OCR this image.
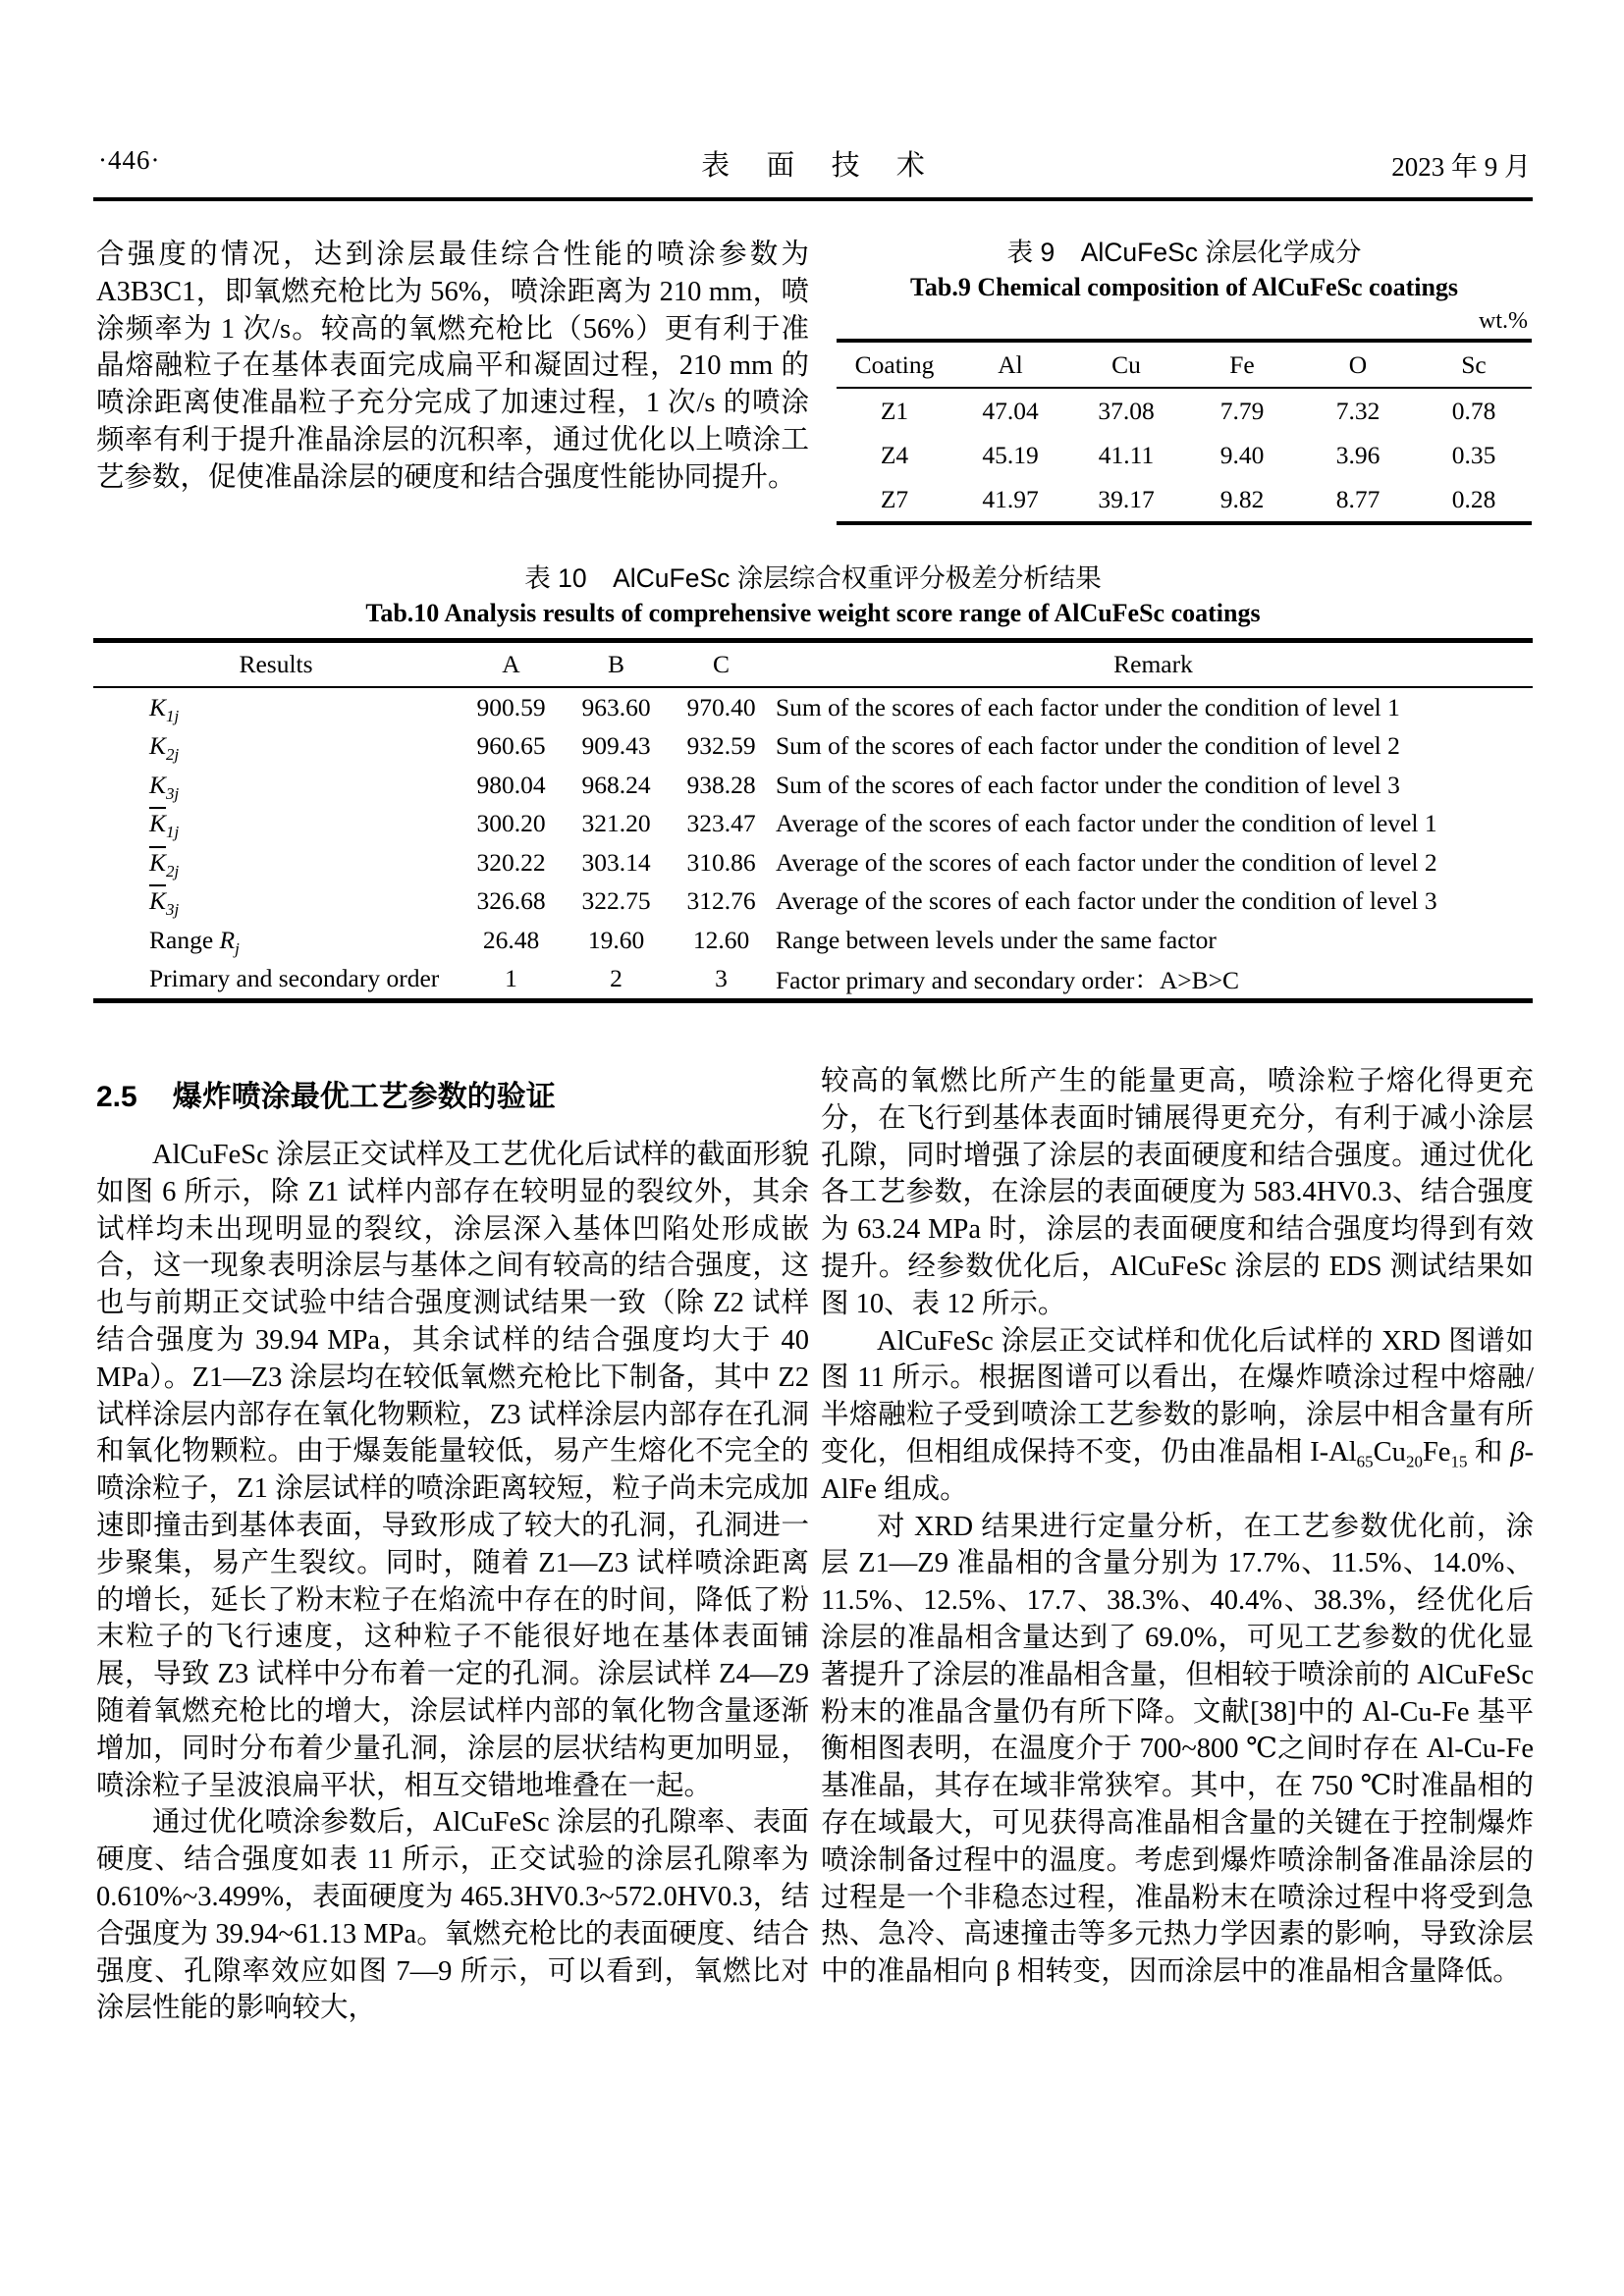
·446·	表 面 技 术	2023 年 9 月

合强度的情况，达到涂层最佳综合性能的喷涂参数为 A3B3C1，即氧燃充枪比为 56%，喷涂距离为 210 mm，喷涂频率为 1 次/s。较高的氧燃充枪比（56%）更有利于准晶熔融粒子在基体表面完成扁平和凝固过程，210 mm 的喷涂距离使准晶粒子充分完成了加速过程，1 次/s 的喷涂频率有利于提升准晶涂层的沉积率，通过优化以上喷涂工艺参数，促使准晶涂层的硬度和结合强度性能协同提升。

表 9　AlCuFeSc 涂层化学成分
Tab.9 Chemical composition of AlCuFeSc coatings
wt.%
Coating	Al	Cu	Fe	O	Sc
Z1	47.04	37.08	7.79	7.32	0.78
Z4	45.19	41.11	9.40	3.96	0.35
Z7	41.97	39.17	9.82	8.77	0.28
表 10　AlCuFeSc 涂层综合权重评分极差分析结果
Tab.10 Analysis results of comprehensive weight score range of AlCuFeSc coatings
Results	A	B	C	Remark
$K_{1j}$	900.59	963.60	970.40	Sum of the scores of each factor under the condition of level 1
$K_{2j}$	960.65	909.43	932.59	Sum of the scores of each factor under the condition of level 2
$K_{3j}$	980.04	968.24	938.28	Sum of the scores of each factor under the condition of level 3
$\overline{K}_{1j}$	300.20	321.20	323.47	Average of the scores of each factor under the condition of level 1
$\overline{K}_{2j}$	320.22	303.14	310.86	Average of the scores of each factor under the condition of level 2
$\overline{K}_{3j}$	326.68	322.75	312.76	Average of the scores of each factor under the condition of level 3
Range $R_j$	26.48	19.60	12.60	Range between levels under the same factor
Primary and secondary order	1	2	3	Factor primary and secondary order：A>B>C
2.5 爆炸喷涂最优工艺参数的验证

AlCuFeSc 涂层正交试样及工艺优化后试样的截面形貌如图 6 所示，除 Z1 试样内部存在较明显的裂纹外，其余试样均未出现明显的裂纹，涂层深入基体凹陷处形成嵌合，这一现象表明涂层与基体之间有较高的结合强度，这也与前期正交试验中结合强度测试结果一致（除 Z2 试样结合强度为 39.94 MPa，其余试样的结合强度均大于 40 MPa）。Z1—Z3 涂层均在较低氧燃充枪比下制备，其中 Z2 试样涂层内部存在氧化物颗粒，Z3 试样涂层内部存在孔洞和氧化物颗粒。由于爆轰能量较低，易产生熔化不完全的喷涂粒子，Z1 涂层试样的喷涂距离较短，粒子尚未完成加速即撞击到基体表面，导致形成了较大的孔洞，孔洞进一步聚集，易产生裂纹。同时，随着 Z1—Z3 试样喷涂距离的增长，延长了粉末粒子在焰流中存在的时间，降低了粉末粒子的飞行速度，这种粒子不能很好地在基体表面铺展，导致 Z3 试样中分布着一定的孔洞。涂层试样 Z4—Z9 随着氧燃充枪比的增大，涂层试样内部的氧化物含量逐渐增加，同时分布着少量孔洞，涂层的层状结构更加明显，喷涂粒子呈波浪扁平状，相互交错地堆叠在一起。

通过优化喷涂参数后，AlCuFeSc 涂层的孔隙率、表面硬度、结合强度如表 11 所示，正交试验的涂层孔隙率为 0.610%~3.499%，表面硬度为 465.3HV0.3~572.0HV0.3，结合强度为 39.94~61.13 MPa。氧燃充枪比的表面硬度、结合强度、孔隙率效应如图 7—9 所示，可以看到，氧燃比对涂层性能的影响较大，

较高的氧燃比所产生的能量更高，喷涂粒子熔化得更充分，在飞行到基体表面时铺展得更充分，有利于减小涂层孔隙，同时增强了涂层的表面硬度和结合强度。通过优化各工艺参数，在涂层的表面硬度为 583.4HV0.3、结合强度为 63.24 MPa 时，涂层的表面硬度和结合强度均得到有效提升。经参数优化后，AlCuFeSc 涂层的 EDS 测试结果如图 10、表 12 所示。

AlCuFeSc 涂层正交试样和优化后试样的 XRD 图谱如图 11 所示。根据图谱可以看出，在爆炸喷涂过程中熔融/半熔融粒子受到喷涂工艺参数的影响，涂层中相含量有所变化，但相组成保持不变，仍由准晶相 $I-Al_{65}Cu_{20}Fe_{15}$ 和 β-AlFe 组成。

对 XRD 结果进行定量分析，在工艺参数优化前，涂层 Z1—Z9 准晶相的含量分别为 17.7%、11.5%、14.0%、11.5%、12.5%、17.7、38.3%、40.4%、38.3%，经优化后涂层的准晶相含量达到了 69.0%，可见工艺参数的优化显著提升了涂层的准晶相含量，但相较于喷涂前的 AlCuFeSc 粉末的准晶含量仍有所下降。文献[38]中的 Al-Cu-Fe 基平衡相图表明，在温度介于 700~800 ℃之间时存在 Al-Cu-Fe 基准晶，其存在域非常狭窄。其中，在 750 ℃时准晶相的存在域最大，可见获得高准晶相含量的关键在于控制爆炸喷涂制备过程中的温度。考虑到爆炸喷涂制备准晶涂层的过程是一个非稳态过程，准晶粉末在喷涂过程中将受到急热、急冷、高速撞击等多元热力学因素的影响，导致涂层中的准晶相向 β 相转变，因而涂层中的准晶相含量降低。
